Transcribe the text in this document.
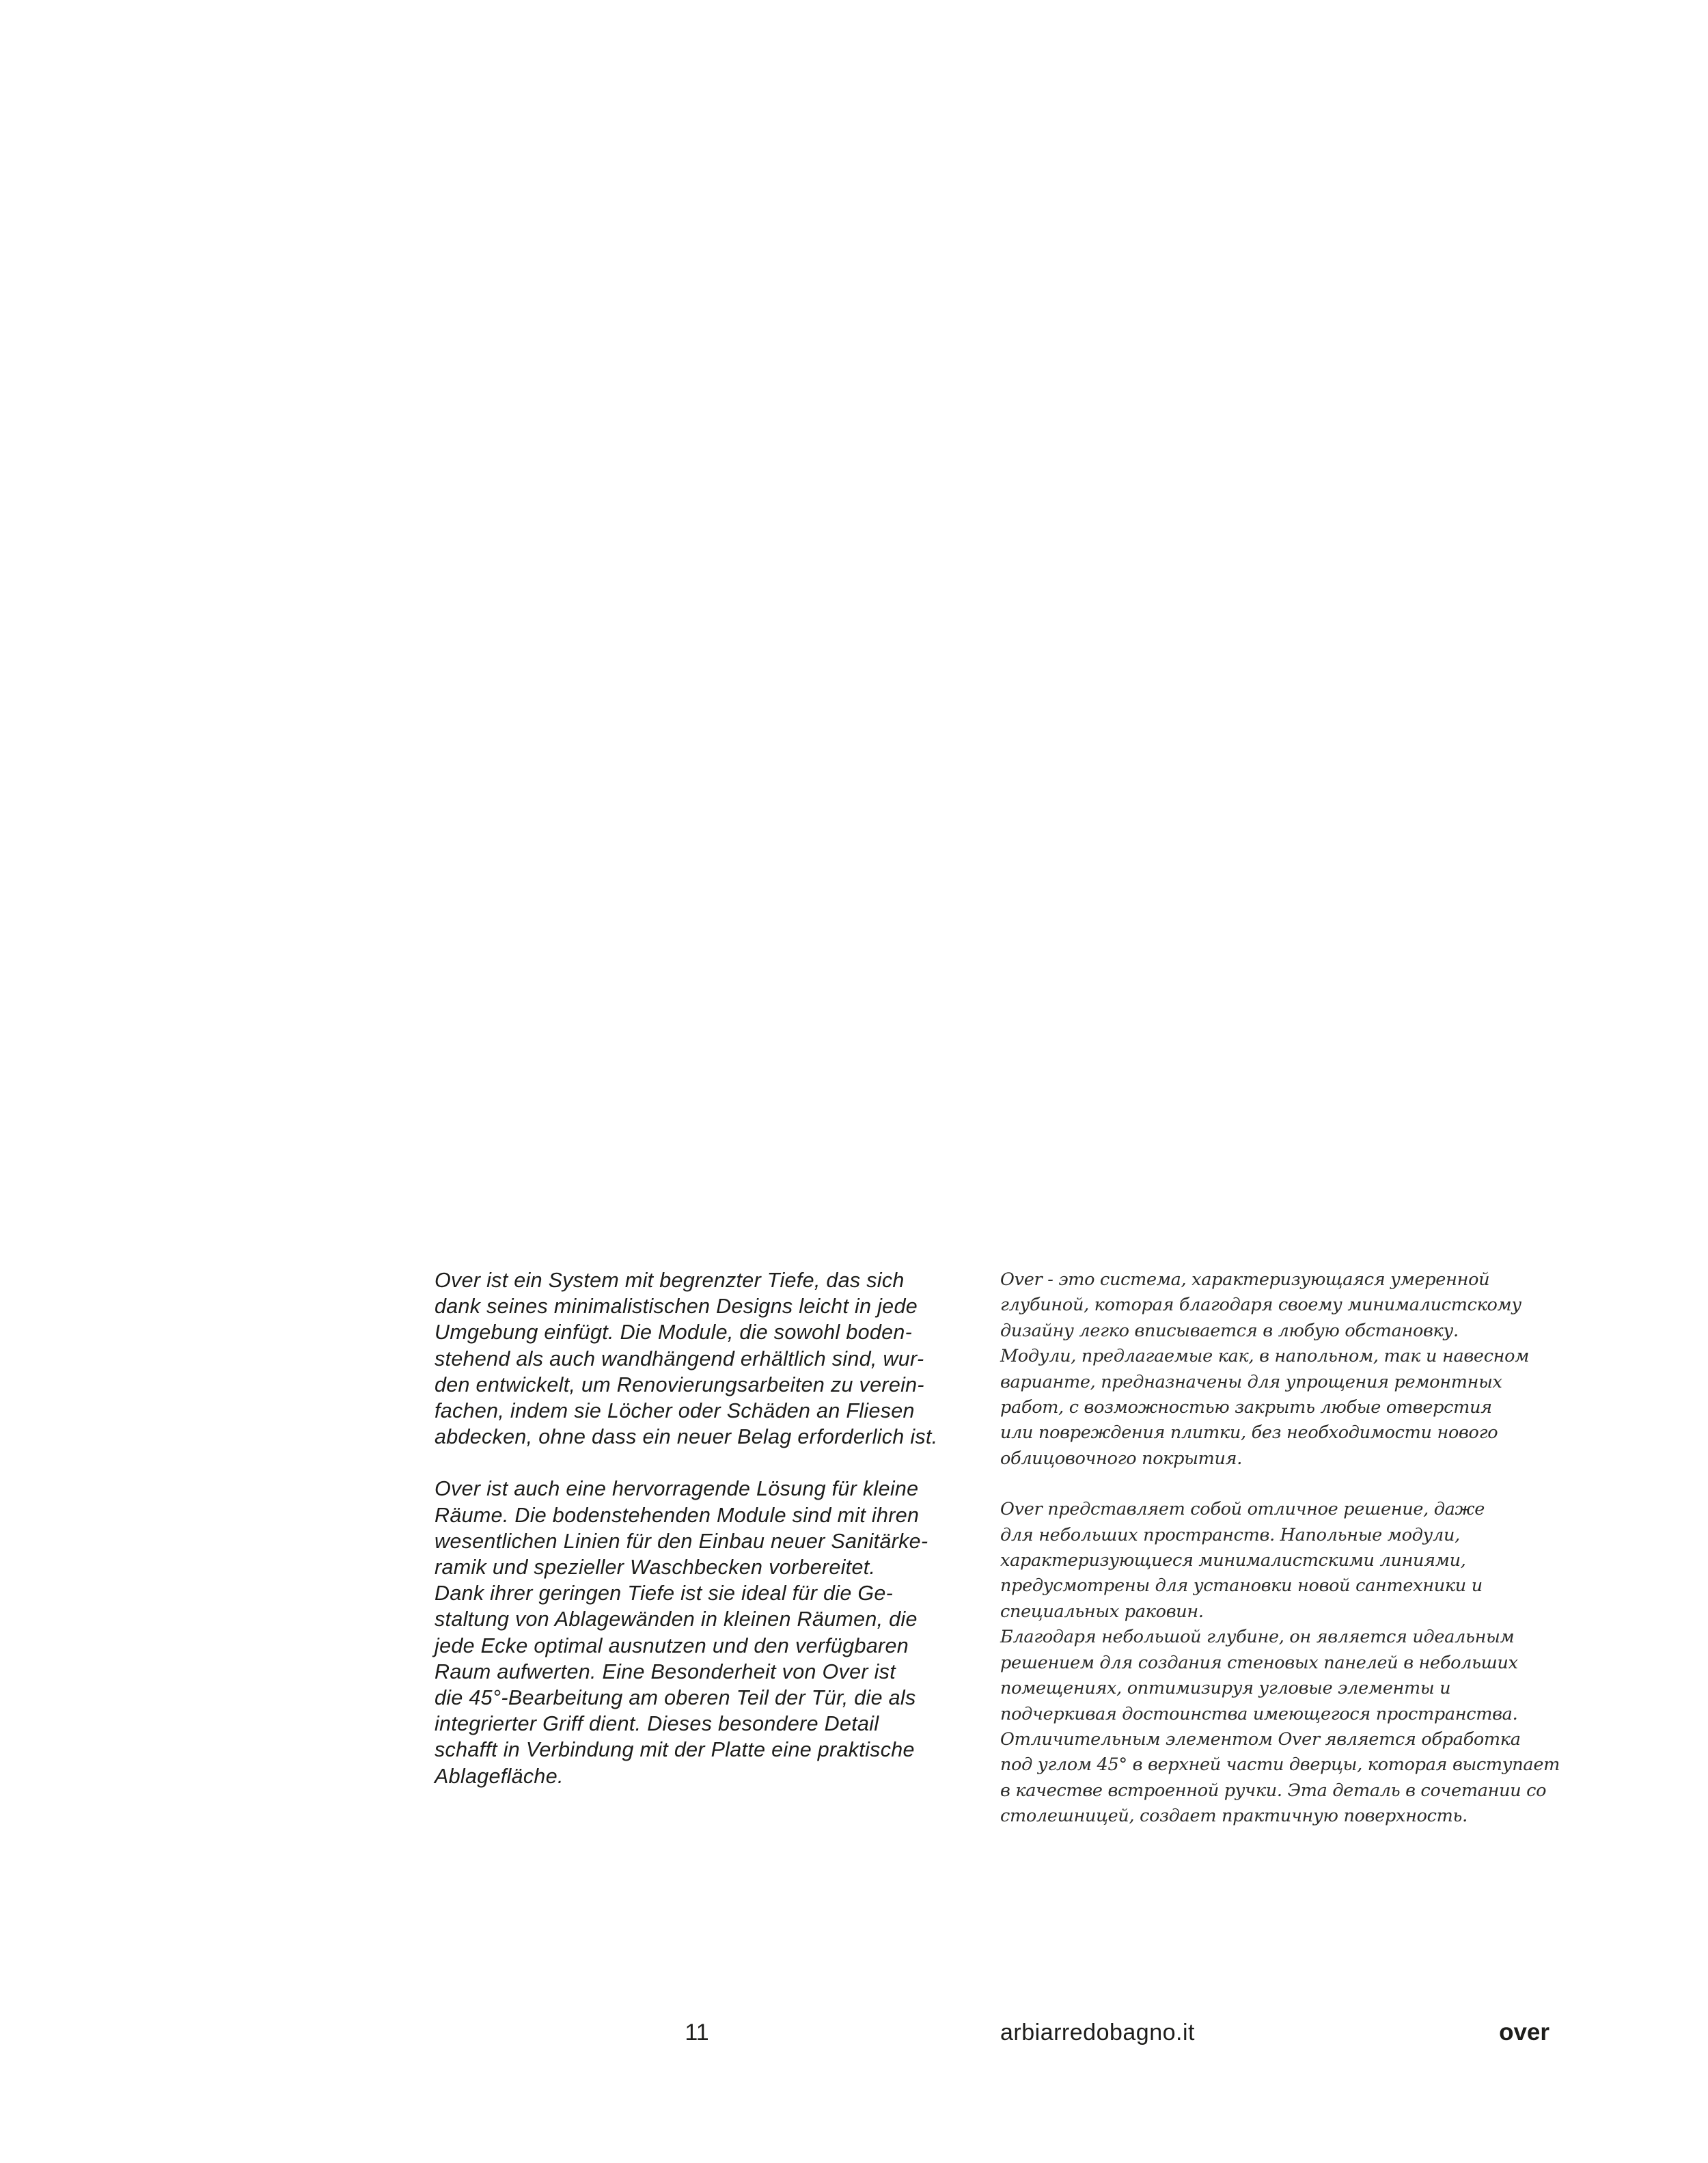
Over ist ein System mit begrenzter Tiefe, das sich
dank seines minimalistischen Designs leicht in jede
Umgebung einfügt. Die Module, die sowohl boden-
stehend als auch wandhängend erhältlich sind, wur-
den entwickelt, um Renovierungsarbeiten zu verein-
fachen, indem sie Löcher oder Schäden an Fliesen
abdecken, ohne dass ein neuer Belag erforderlich ist.

Over ist auch eine hervorragende Lösung für kleine
Räume. Die bodenstehenden Module sind mit ihren
wesentlichen Linien für den Einbau neuer Sanitärke-
ramik und spezieller Waschbecken vorbereitet.
Dank ihrer geringen Tiefe ist sie ideal für die Ge-
staltung von Ablagewänden in kleinen Räumen, die
jede Ecke optimal ausnutzen und den verfügbaren
Raum aufwerten. Eine Besonderheit von Over ist
die 45°-Bearbeitung am oberen Teil der Tür, die als
integrierter Griff dient. Dieses besondere Detail
schafft in Verbindung mit der Platte eine praktische
Ablagefläche.

Over - это система, характеризующаяся умеренной
глубиной, которая благодаря своему минималистскому
дизайну легко вписывается в любую обстановку.
Модули, предлагаемые как, в напольном, так и навесном
варианте, предназначены для упрощения ремонтных
работ, с возможностью закрыть любые отверстия
или повреждения плитки, без необходимости нового
облицовочного покрытия.

Over представляет собой отличное решение, даже
для небольших пространств. Напольные модули,
характеризующиеся минималистскими линиями,
предусмотрены для установки новой сантехники и
специальных раковин.
Благодаря небольшой глубине, он является идеальным
решением для создания стеновых панелей в небольших
помещениях, оптимизируя угловые элементы и
подчеркивая достоинства имеющегося пространства.
Отличительным элементом Over является обработка
под углом 45° в верхней части дверцы, которая выступает
в качестве встроенной ручки. Эта деталь в сочетании со
столешницей, создает практичную поверхность.

11	arbiarredobagno.it	over
